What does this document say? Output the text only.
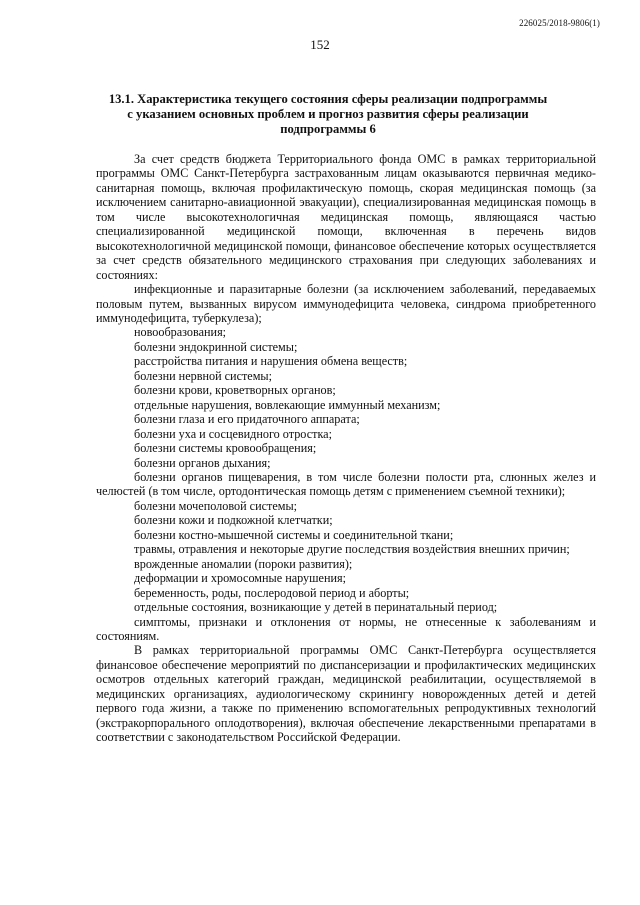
226025/2018-9806(1)
152
13.1. Характеристика текущего состояния сферы реализации подпрограммы
с указанием основных проблем и прогноз развития сферы реализации
подпрограммы 6

За счет средств бюджета Территориального фонда ОМС в рамках территориальной программы ОМС Санкт-Петербурга застрахованным лицам оказываются первичная медико-санитарная помощь, включая профилактическую помощь, скорая медицинская помощь (за исключением санитарно-авиационной эвакуации), специализированная медицинская помощь в том числе высокотехнологичная медицинская помощь, являющаяся частью специализированной медицинской помощи, включенная в перечень видов высокотехнологичной медицинской помощи, финансовое обеспечение которых осуществляется за счет средств обязательного медицинского страхования при следующих заболеваниях и состояниях:

инфекционные и паразитарные болезни (за исключением заболеваний, передаваемых половым путем, вызванных вирусом иммунодефицита человека, синдрома приобретенного иммунодефицита, туберкулеза);

новообразования;

болезни эндокринной системы;

расстройства питания и нарушения обмена веществ;

болезни нервной системы;

болезни крови, кроветворных органов;

отдельные нарушения, вовлекающие иммунный механизм;

болезни глаза и его придаточного аппарата;

болезни уха и сосцевидного отростка;

болезни системы кровообращения;

болезни органов дыхания;

болезни органов пищеварения, в том числе болезни полости рта, слюнных желез и челюстей (в том числе, ортодонтическая помощь детям с применением съемной техники);

болезни мочеполовой системы;

болезни кожи и подкожной клетчатки;

болезни костно-мышечной системы и соединительной ткани;

травмы, отравления и некоторые другие последствия воздействия внешних причин;

врожденные аномалии (пороки развития);

деформации и хромосомные нарушения;

беременность, роды, послеродовой период и аборты;

отдельные состояния, возникающие у детей в перинатальный период;

симптомы, признаки и отклонения от нормы, не отнесенные к заболеваниям и состояниям.

В рамках территориальной программы ОМС Санкт-Петербурга осуществляется финансовое обеспечение мероприятий по диспансеризации и профилактических медицинских осмотров отдельных категорий граждан, медицинской реабилитации, осуществляемой в медицинских организациях, аудиологическому скринингу новорожденных детей и детей первого года жизни, а также по применению вспомогательных репродуктивных технологий (экстракорпорального оплодотворения), включая обеспечение лекарственными препаратами в соответствии с законодательством Российской Федерации.
